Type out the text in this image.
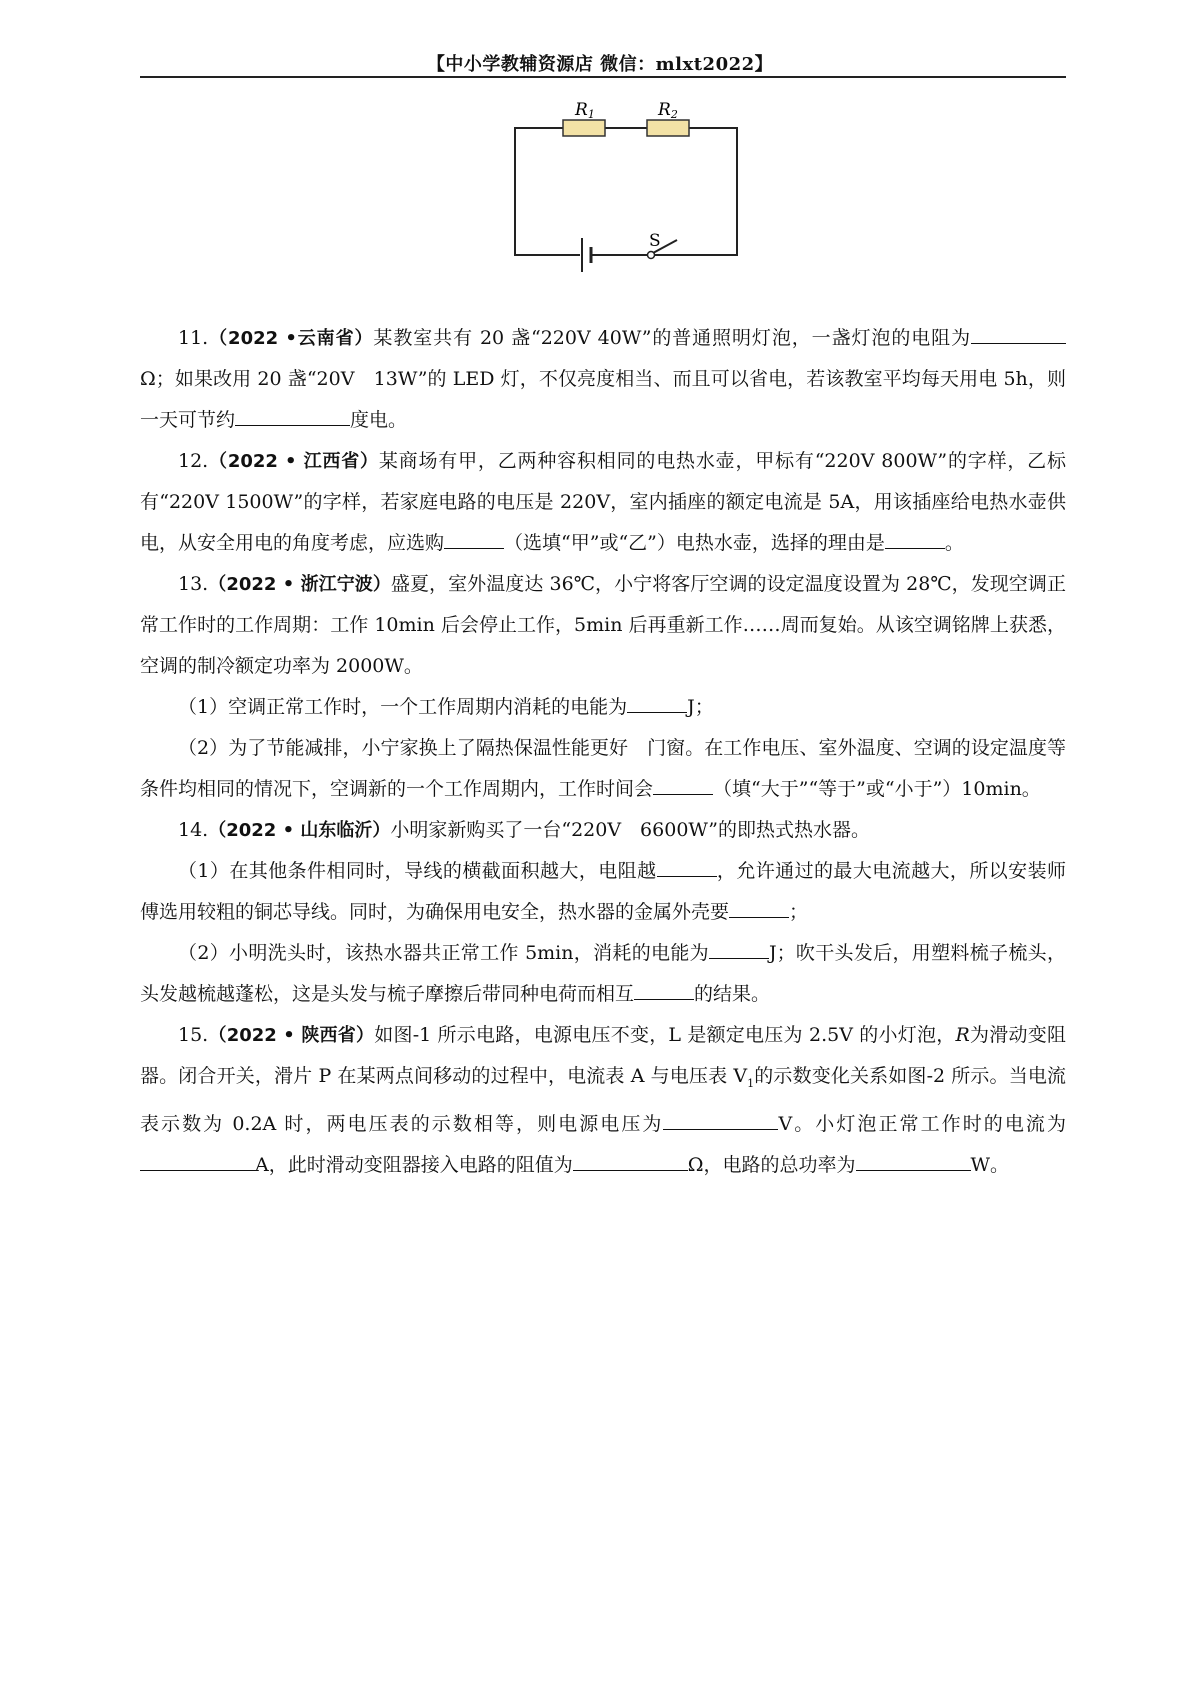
【中小学教辅资源店 微信：mlxt2022】
R1	R2
S

11.（2022 •云南省）某教室共有 20 盏“220V 40W”的普通照明灯泡，一盏灯泡的电阻为Ω；如果改用 20 盏“20V　13W”的 LED 灯，不仅亮度相当、而且可以省电，若该教室平均每天用电 5h，则一天可节约	度电。

12.（2022 • 江西省）某商场有甲，乙两种容积相同的电热水壶，甲标有“220V 800W”的字样，乙标有“220V 1500W”的字样，若家庭电路的电压是 220V，室内插座的额定电流是 5A，用该插座给电热水壶供电，从安全用电的角度考虑，应选购	（选填“甲”或“乙”）电热水壶，选择的理由是	。

13.（2022 • 浙江宁波）盛夏，室外温度达 36℃，小宁将客厅空调的设定温度设置为 28℃，发现空调正常工作时的工作周期：工作 10min 后会停止工作，5min 后再重新工作……周而复始。从该空调铭牌上获悉，空调的制冷额定功率为 2000W。

（1）空调正常工作时，一个工作周期内消耗的电能为	J；

（2）为了节能减排，小宁家换上了隔热保温性能更好　门窗。在工作电压、室外温度、空调的设定温度等条件均相同的情况下，空调新的一个工作周期内，工作时间会	（填“大于”“等于”或“小于”）10min。

14.（2022 • 山东临沂）小明家新购买了一台“220V　6600W”的即热式热水器。

（1）在其他条件相同时，导线的横截面积越大，电阻越	，允许通过的最大电流越大，所以安装师傅选用较粗的铜芯导线。同时，为确保用电安全，热水器的金属外壳要	；

（2）小明洗头时，该热水器共正常工作 5min，消耗的电能为	J；吹干头发后，用塑料梳子梳头，头发越梳越蓬松，这是头发与梳子摩擦后带同种电荷而相互	的结果。

15.（2022 • 陕西省）如图-1 所示电路，电源电压不变，L 是额定电压为 2.5V 的小灯泡，R为滑动变阻器。闭合开关，滑片 P 在某两点间移动的过程中，电流表 A 与电压表 $V_1$的示数变化关系如图-2 所示。当电流表示数为 0.2A 时，两电压表的示数相等，则电源电压为	V。小灯泡正常工作时的电流为A，此时滑动变阻器接入电路的阻值为	Ω，电路的总功率为	W。
